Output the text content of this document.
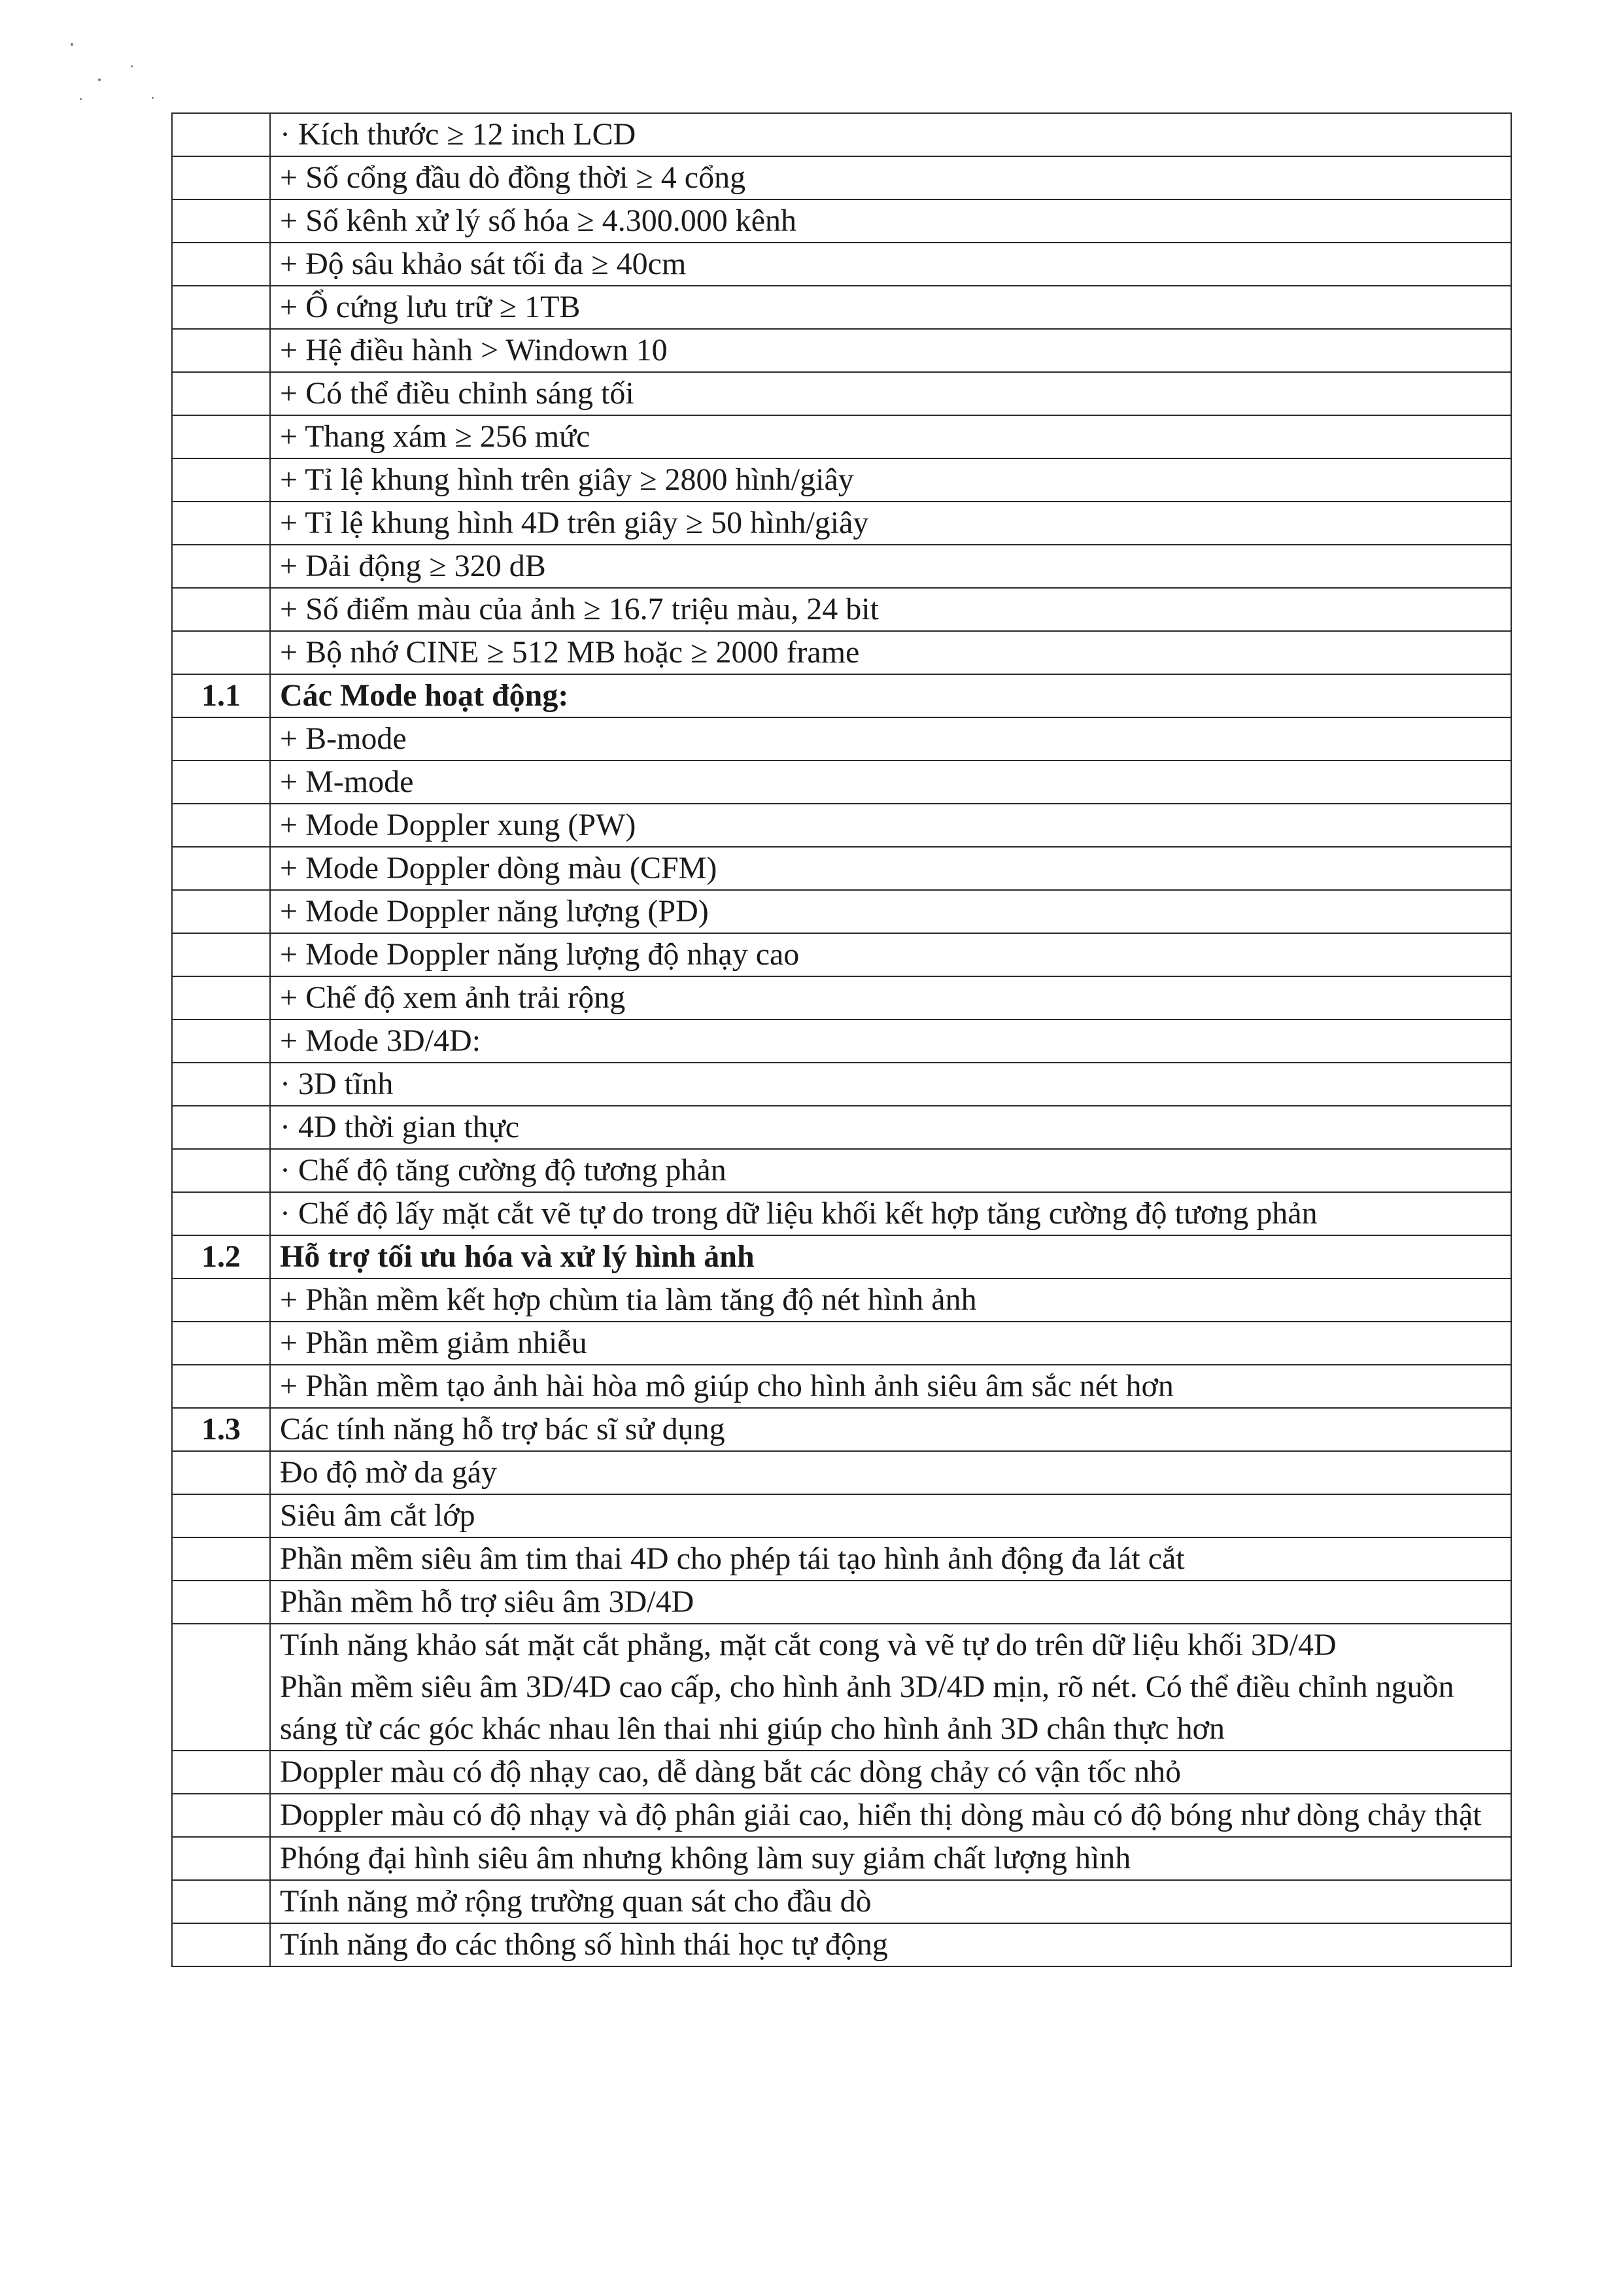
	· Kích thước ≥ 12 inch LCD
	+ Số cổng đầu dò đồng thời ≥ 4 cổng
	+ Số kênh xử lý số hóa ≥ 4.300.000 kênh
	+ Độ sâu khảo sát tối đa ≥ 40cm
	+ Ổ cứng lưu trữ ≥ 1TB
	+ Hệ điều hành > Windown 10
	+ Có thể điều chỉnh sáng tối
	+ Thang xám ≥ 256 mức
	+ Tỉ lệ khung hình trên giây ≥ 2800 hình/giây
	+ Tỉ lệ khung hình 4D trên giây ≥ 50 hình/giây
	+ Dải động ≥ 320 dB
	+ Số điểm màu của ảnh ≥ 16.7 triệu màu, 24 bit
	+ Bộ nhớ CINE ≥ 512 MB hoặc ≥ 2000 frame
1.1	Các Mode hoạt động:
	+ B-mode
	+ M-mode
	+ Mode Doppler xung (PW)
	+ Mode Doppler dòng màu (CFM)
	+ Mode Doppler năng lượng (PD)
	+ Mode Doppler năng lượng độ nhạy cao
	+ Chế độ xem ảnh trải rộng
	+ Mode 3D/4D:
	· 3D tĩnh
	· 4D thời gian thực
	· Chế độ tăng cường độ tương phản
	· Chế độ lấy mặt cắt vẽ tự do trong dữ liệu khối kết hợp tăng cường độ tương phản
1.2	Hỗ trợ tối ưu hóa và xử lý hình ảnh
	+ Phần mềm kết hợp chùm tia làm tăng độ nét hình ảnh
	+ Phần mềm giảm nhiễu
	+ Phần mềm tạo ảnh hài hòa mô giúp cho hình ảnh siêu âm sắc nét hơn
1.3	Các tính năng hỗ trợ bác sĩ sử dụng
	Đo độ mờ da gáy
	Siêu âm cắt lớp
	Phần mềm siêu âm tim thai 4D cho phép tái tạo hình ảnh động đa lát cắt
	Phần mềm hỗ trợ siêu âm 3D/4D

	Tính năng khảo sát mặt cắt phẳng, mặt cắt cong và vẽ tự do trên dữ liệu khối 3D/4D
Phần mềm siêu âm 3D/4D cao cấp, cho hình ảnh 3D/4D mịn, rõ nét. Có thể điều chỉnh nguồn sáng từ các góc khác nhau lên thai nhi giúp cho hình ảnh 3D chân thực hơn

	Doppler màu có độ nhạy cao, dễ dàng bắt các dòng chảy có vận tốc nhỏ
	Doppler màu có độ nhạy và độ phân giải cao, hiển thị dòng màu có độ bóng như dòng chảy thật
	Phóng đại hình siêu âm nhưng không làm suy giảm chất lượng hình
	Tính năng mở rộng trường quan sát cho đầu dò
	Tính năng đo các thông số hình thái học tự động
